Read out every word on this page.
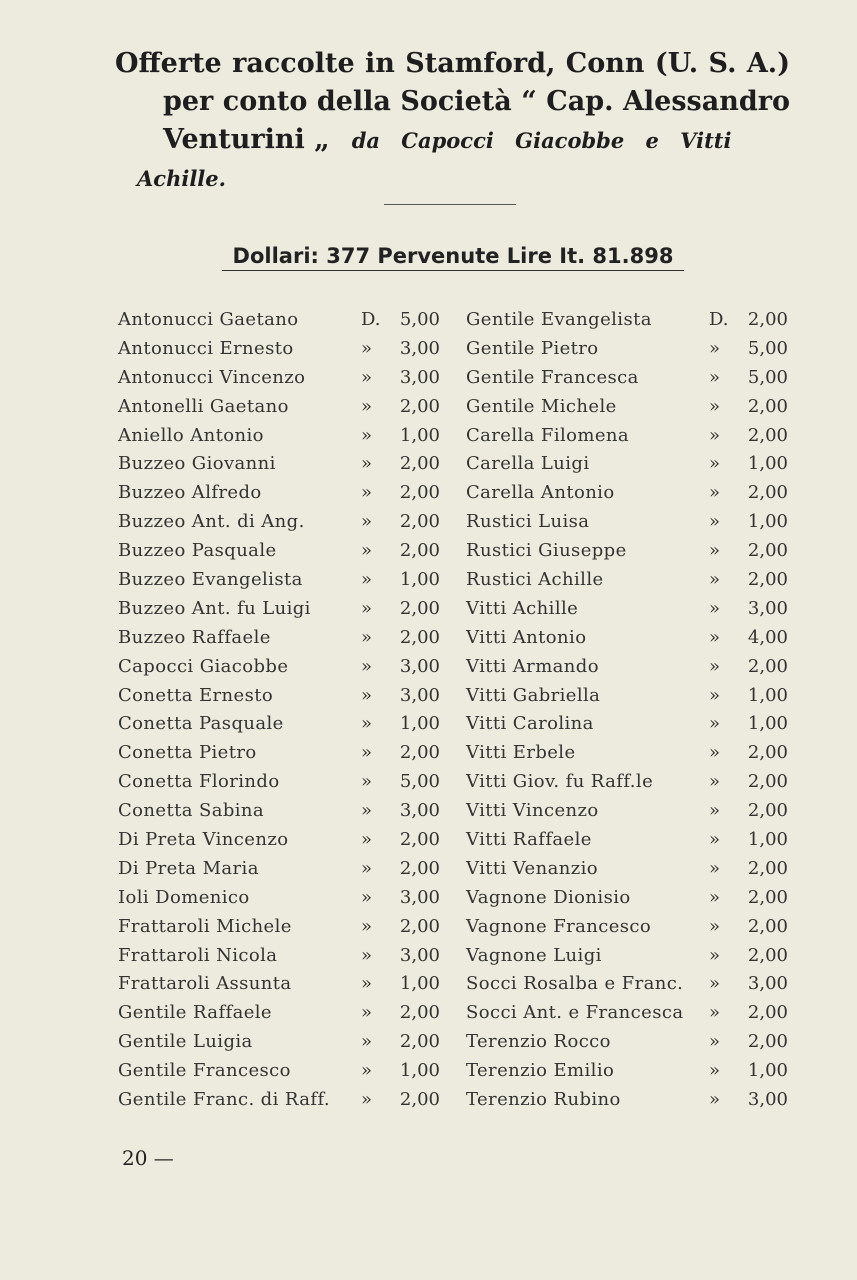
Offerte raccolte in Stamford, Conn (U. S. A.)
per conto della Società “ Cap. Alessandro
Venturini „ da Capocci Giacobbe e Vitti
Achille.
Dollari: 377 Pervenute Lire It. 81.898
Antonucci Gaetano	D.	5,00
Antonucci Ernesto	»	3,00
Antonucci Vincenzo	»	3,00
Antonelli Gaetano	»	2,00
Aniello Antonio	»	1,00
Buzzeo Giovanni	»	2,00
Buzzeo Alfredo	»	2,00
Buzzeo Ant. di Ang.	»	2,00
Buzzeo Pasquale	»	2,00
Buzzeo Evangelista	»	1,00
Buzzeo Ant. fu Luigi	»	2,00
Buzzeo Raffaele	»	2,00
Capocci Giacobbe	»	3,00
Conetta Ernesto	»	3,00
Conetta Pasquale	»	1,00
Conetta Pietro	»	2,00
Conetta Florindo	»	5,00
Conetta Sabina	»	3,00
Di Preta Vincenzo	»	2,00
Di Preta Maria	»	2,00
Ioli Domenico	»	3,00
Frattaroli Michele	»	2,00
Frattaroli Nicola	»	3,00
Frattaroli Assunta	»	1,00
Gentile Raffaele	»	2,00
Gentile Luigia	»	2,00
Gentile Francesco	»	1,00
Gentile Franc. di Raff. »	2,00
Gentile Evangelista	D.	2,00
Gentile Pietro	»	5,00
Gentile Francesca	»	5,00
Gentile Michele	»	2,00
Carella Filomena	»	2,00
Carella Luigi	»	1,00
Carella Antonio	»	2,00
Rustici Luisa	»	1,00
Rustici Giuseppe	»	2,00
Rustici Achille	»	2,00
Vitti Achille	»	3,00
Vitti Antonio	»	4,00
Vitti Armando	»	2,00
Vitti Gabriella	»	1,00
Vitti Carolina	»	1,00
Vitti Erbele	»	2,00
Vitti Giov. fu Raff.le	»	2,00
Vitti Vincenzo	»	2,00
Vitti Raffaele	»	1,00
Vitti Venanzio	»	2,00
Vagnone Dionisio	»	2,00
Vagnone Francesco	»	2,00
Vagnone Luigi	»	2,00
Socci Rosalba e Franc. »	3,00
Socci Ant. e Francesca »	2,00
Terenzio Rocco	»	2,00
Terenzio Emilio	»	1,00
Terenzio Rubino	»	3,00
20 —
